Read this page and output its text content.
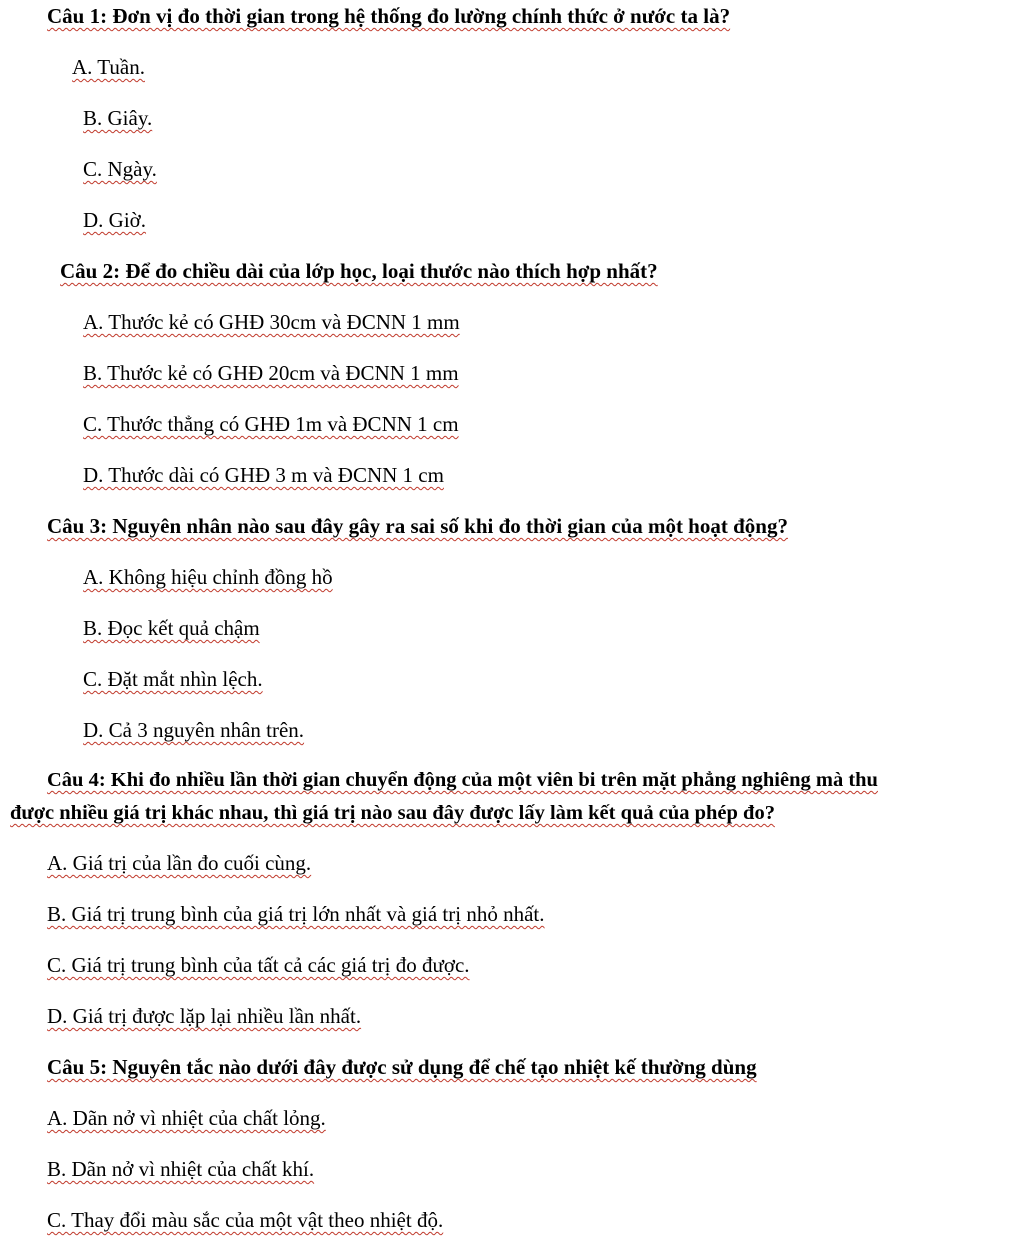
Câu 1: Đơn vị đo thời gian trong hệ thống đo lường chính thức ở nước ta là?
A. Tuần.
B. Giây.
C. Ngày.
D. Giờ.
Câu 2: Để đo chiều dài của lớp học, loại thước nào thích hợp nhất?
A. Thước kẻ có GHĐ 30cm và ĐCNN 1 mm
B. Thước kẻ có GHĐ 20cm và ĐCNN 1 mm
C. Thước thẳng có GHĐ 1m và ĐCNN 1 cm
D. Thước dài có GHĐ 3 m và ĐCNN 1 cm
Câu 3: Nguyên nhân nào sau đây gây ra sai số khi đo thời gian của một hoạt động?
A. Không hiệu chỉnh đồng hồ
B. Đọc kết quả chậm
C. Đặt mắt nhìn lệch.
D. Cả 3 nguyên nhân trên.
Câu 4: Khi đo nhiều lần thời gian chuyển động của một viên bi trên mặt phẳng nghiêng mà thu
được nhiều giá trị khác nhau, thì giá trị nào sau đây được lấy làm kết quả của phép đo?
A. Giá trị của lần đo cuối cùng.
B. Giá trị trung bình của giá trị lớn nhất và giá trị nhỏ nhất.
C. Giá trị trung bình của tất cả các giá trị đo được.
D. Giá trị được lặp lại nhiều lần nhất.
Câu 5: Nguyên tắc nào dưới đây được sử dụng để chế tạo nhiệt kế thường dùng
A. Dãn nở vì nhiệt của chất lỏng.
B. Dãn nở vì nhiệt của chất khí.
C. Thay đổi màu sắc của một vật theo nhiệt độ.
